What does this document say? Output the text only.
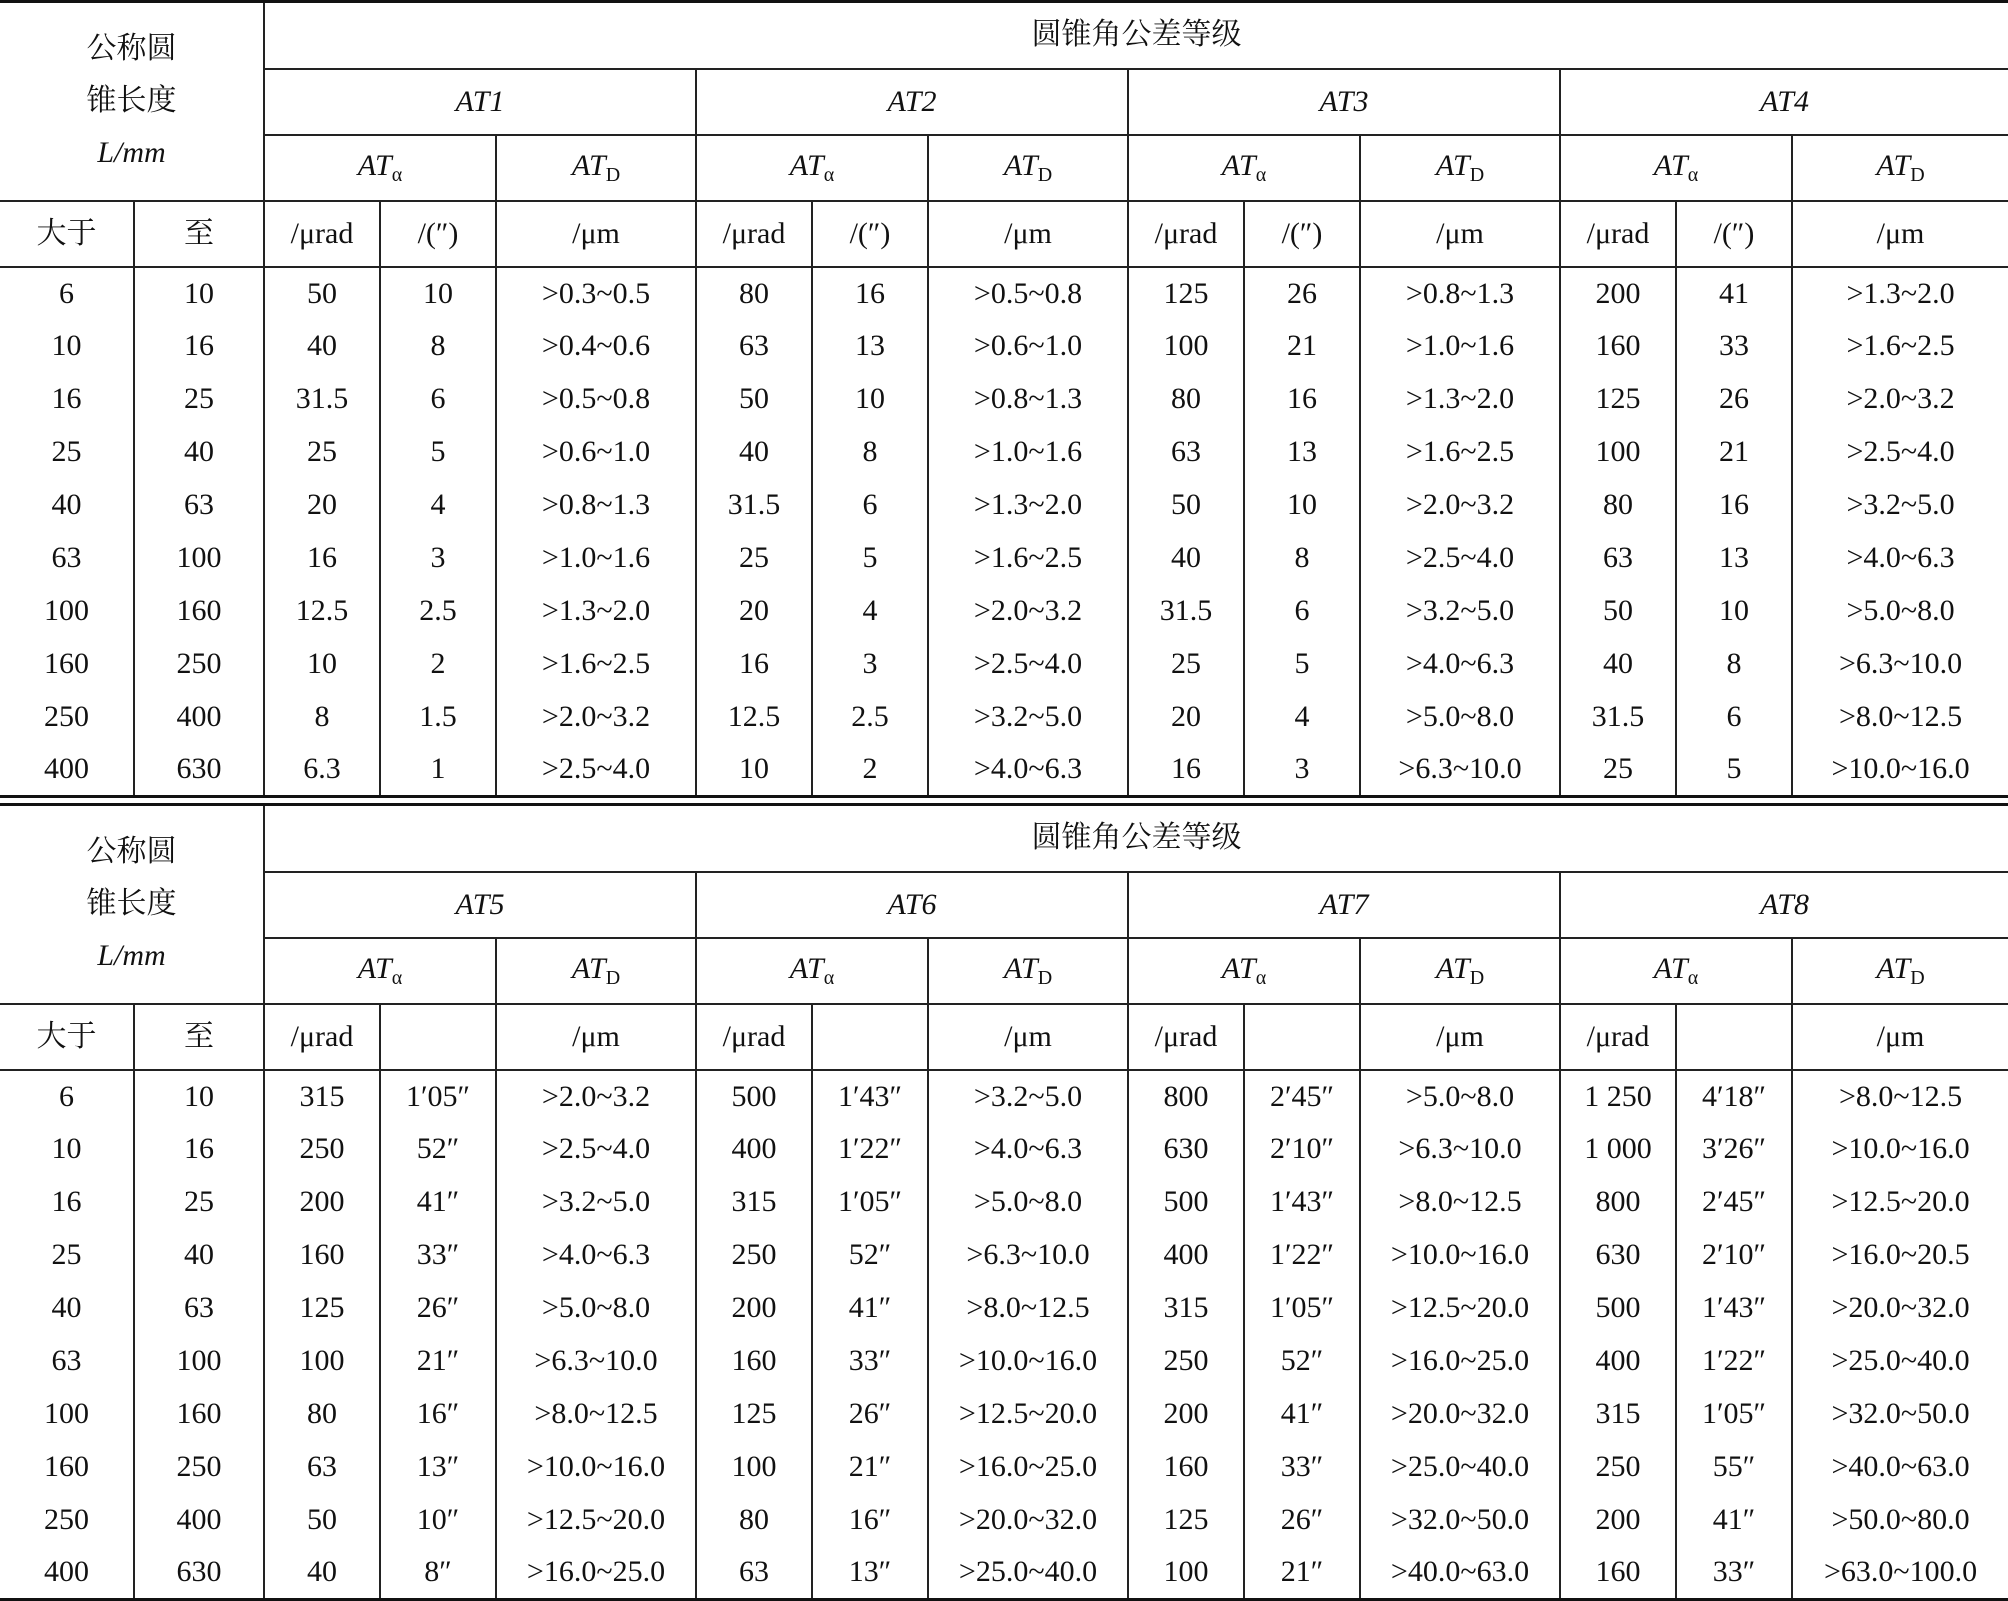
公称圆
锥长度
L/mm		圆锥角公差等级											
		AT1			AT2			AT3			AT4		
		$AT_\alpha$		$AT_D$	$AT_\alpha$		$AT_D$	$AT_\alpha$		$AT_D$	$AT_\alpha$		$AT_D$
大于	至	/μrad	/(″)	/μm	/μrad	/(″)	/μm	/μrad	/(″)	/μm	/μrad	/(″)	/μm
6	10	50	10	>0.3~0.5	80	16	>0.5~0.8	125	26	>0.8~1.3	200	41	>1.3~2.0
10	16	40	8	>0.4~0.6	63	13	>0.6~1.0	100	21	>1.0~1.6	160	33	>1.6~2.5
16	25	31.5	6	>0.5~0.8	50	10	>0.8~1.3	80	16	>1.3~2.0	125	26	>2.0~3.2
25	40	25	5	>0.6~1.0	40	8	>1.0~1.6	63	13	>1.6~2.5	100	21	>2.5~4.0
40	63	20	4	>0.8~1.3	31.5	6	>1.3~2.0	50	10	>2.0~3.2	80	16	>3.2~5.0
63	100	16	3	>1.0~1.6	25	5	>1.6~2.5	40	8	>2.5~4.0	63	13	>4.0~6.3
100	160	12.5	2.5	>1.3~2.0	20	4	>2.0~3.2	31.5	6	>3.2~5.0	50	10	>5.0~8.0
160	250	10	2	>1.6~2.5	16	3	>2.5~4.0	25	5	>4.0~6.3	40	8	>6.3~10.0
250	400	8	1.5	>2.0~3.2	12.5	2.5	>3.2~5.0	20	4	>5.0~8.0	31.5	6	>8.0~12.5
400	630	6.3	1	>2.5~4.0	10	2	>4.0~6.3	16	3	>6.3~10.0	25	5	>10.0~16.0
公称圆
锥长度
L/mm		圆锥角公差等级											
		AT5			AT6			AT7			AT8		
		$AT_\alpha$		$AT_D$	$AT_\alpha$		$AT_D$	$AT_\alpha$		$AT_D$	$AT_\alpha$		$AT_D$
大于	至	/μrad		/μm	/μrad		/μm	/μrad		/μm	/μrad		/μm
6	10	315	1′05″	>2.0~3.2	500	1′43″	>3.2~5.0	800	2′45″	>5.0~8.0	1 250	4′18″	>8.0~12.5
10	16	250	52″	>2.5~4.0	400	1′22″	>4.0~6.3	630	2′10″	>6.3~10.0	1 000	3′26″	>10.0~16.0
16	25	200	41″	>3.2~5.0	315	1′05″	>5.0~8.0	500	1′43″	>8.0~12.5	800	2′45″	>12.5~20.0
25	40	160	33″	>4.0~6.3	250	52″	>6.3~10.0	400	1′22″	>10.0~16.0	630	2′10″	>16.0~20.5
40	63	125	26″	>5.0~8.0	200	41″	>8.0~12.5	315	1′05″	>12.5~20.0	500	1′43″	>20.0~32.0
63	100	100	21″	>6.3~10.0	160	33″	>10.0~16.0	250	52″	>16.0~25.0	400	1′22″	>25.0~40.0
100	160	80	16″	>8.0~12.5	125	26″	>12.5~20.0	200	41″	>20.0~32.0	315	1′05″	>32.0~50.0
160	250	63	13″	>10.0~16.0	100	21″	>16.0~25.0	160	33″	>25.0~40.0	250	55″	>40.0~63.0
250	400	50	10″	>12.5~20.0	80	16″	>20.0~32.0	125	26″	>32.0~50.0	200	41″	>50.0~80.0
400	630	40	8″	>16.0~25.0	63	13″	>25.0~40.0	100	21″	>40.0~63.0	160	33″	>63.0~100.0
